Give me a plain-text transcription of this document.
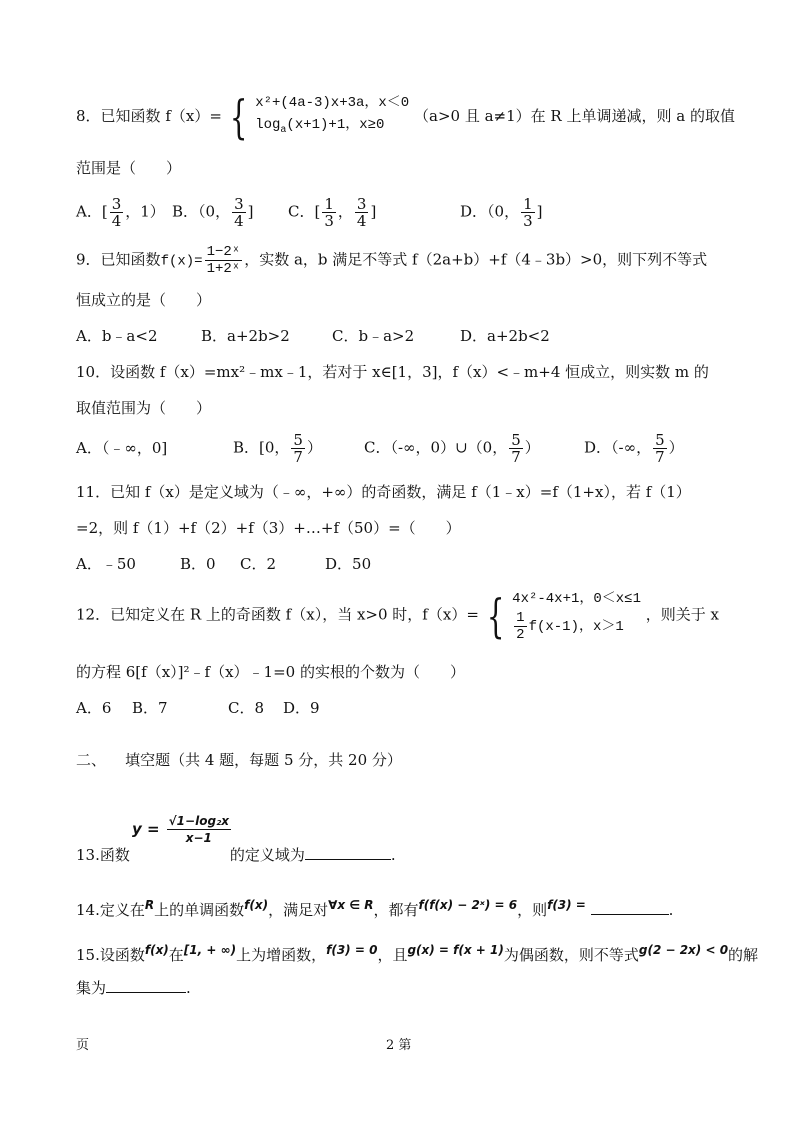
8．已知函数 f（x）= { x²+(4a-3)x+3a，x＜0
$\log_a(x+1)+1$，x≥0
（a>0 且 a≠1）在 R 上单调递减，则 a 的取值
范围是（　　）
A．[ $\frac{3}{4}$ ，1） B．（0， $\frac{3}{4}$ ] C．[ $\frac{1}{3}$ ， $\frac{3}{4}$ ]	D．（0， $\frac{1}{3}$ ]
9．已知函数$f(x)= \frac{\text{1−2ˣ}}{\text{1+2ˣ}}$ ，实数 a，b 满足不等式 f（2a+b）+f（4﹣3b）>0，则下列不等式
恒成立的是（　　）
A．b﹣a<2	B．a+2b>2	C．b﹣a>2	D．a+2b<2
10．设函数 f（x）=mx²﹣mx﹣1，若对于 x∈[1，3]，f（x）<﹣m+4 恒成立，则实数 m 的
取值范围为（　　）
A．（﹣∞，0]	B．[0， $\frac{5}{7}$ ）	C．（-∞，0）∪（0， $\frac{5}{7}$ ）	D．（-∞， $\frac{5}{7}$ ）
11．已知 f（x）是定义域为（﹣∞，+∞）的奇函数，满足 f（1﹣x）=f（1+x），若 f（1）
=2，则 f（1）+f（2）+f（3）+…+f（50）=（　　）
A．﹣50	B．0 C．2	D．50
12．已知定义在 R 上的奇函数 f（x），当 x>0 时，f（x）= { 4x²-4x+1，0＜x≤1
$\frac{1}{2} f(x-1)$，x＞1
，则关于 x
的方程 6[f（x）]²﹣f（x）﹣1=0 的实根的个数为（　　）
A．6 B．7	C．8 D．9
二、 填空题（共 4 题，每题 5 分，共 20 分）
$y = \frac{\text{√1−log₂x}}{x-1}$
13.函数	的定义域为	.
14.定义在$^R$上的单调函数$^{f(x)}$，满足对$^{\forall x \in R}$，都有$^{f(f(x) - 2ˣ) = 6}$，则$^{f(3) =}$	.
15.设函数$^{f(x)}$在$^{[1, + \infty)}$上为增函数，$^{f(3) = 0}$，且$^{g(x) = f(x + 1)}$为偶函数，则不等式$^{g(2 - 2x) < 0}$的解
集为	.
页	2 第
